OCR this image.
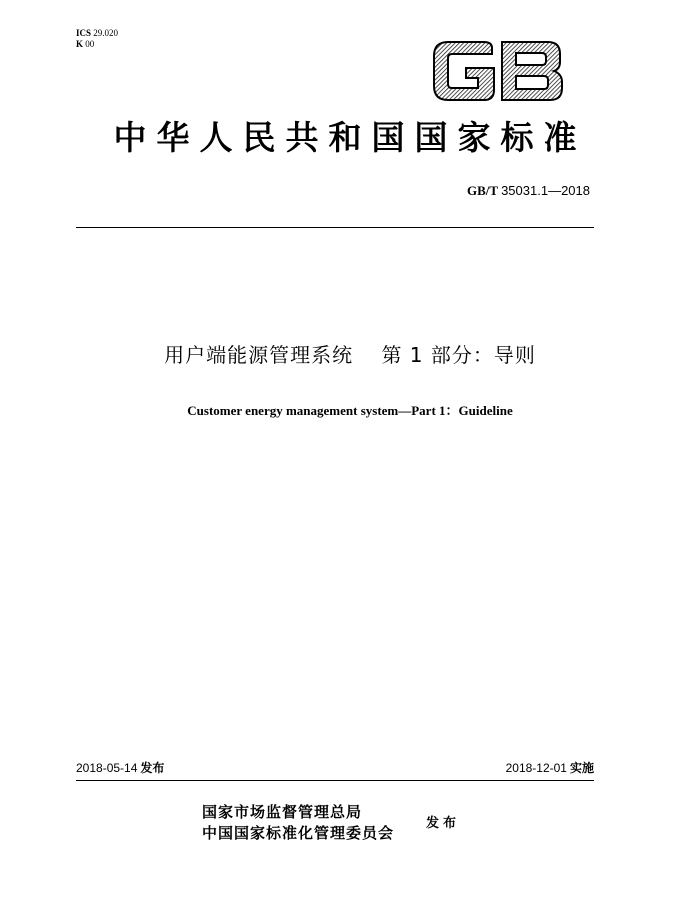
ICS 29.020
K 00
中华人民共和国国家标准
GB/T 35031.1—2018
用户端能源管理系统　 第 1 部分：导则
Customer energy management system—Part 1：Guideline
2018-05-14 发布	2018-12-01 实施
国家市场监督管理总局
中国国家标准化管理委员会
发布
